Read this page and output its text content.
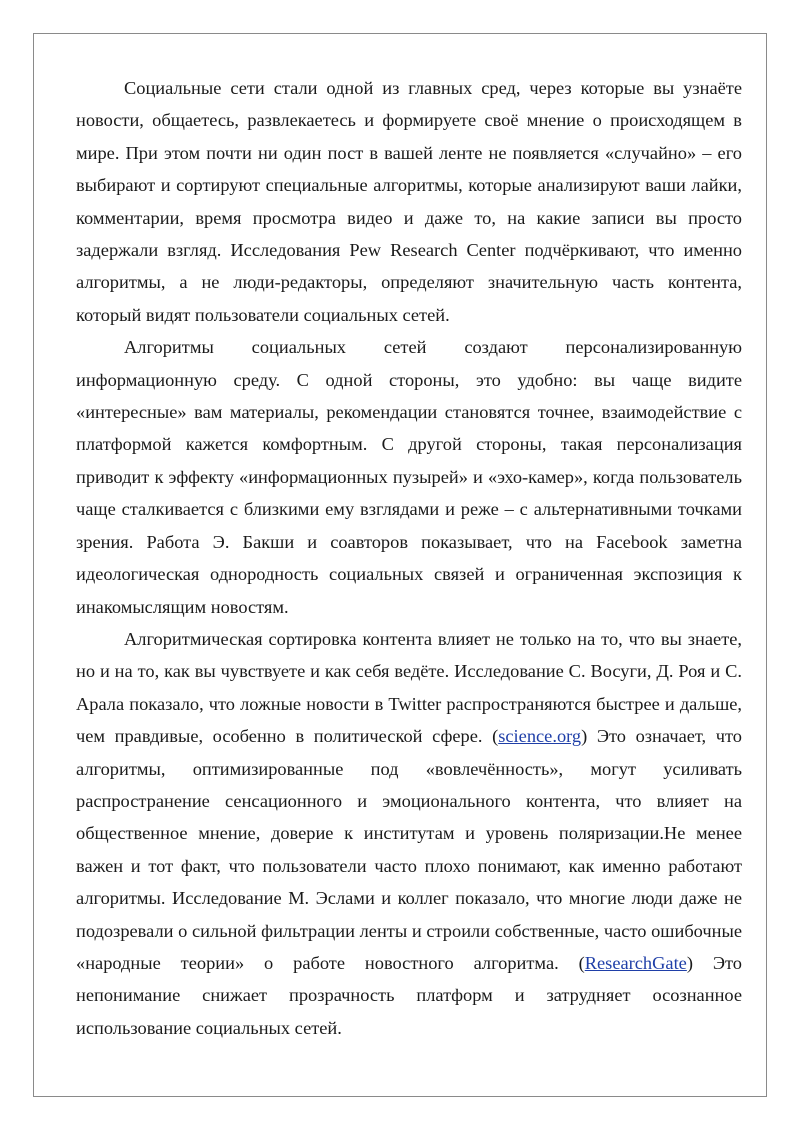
Социальные сети стали одной из главных сред, через которые вы узнаёте новости, общаетесь, развлекаетесь и формируете своё мнение о происходящем в мире. При этом почти ни один пост в вашей ленте не появляется «случайно» – его выбирают и сортируют специальные алгоритмы, которые анализируют ваши лайки, комментарии, время просмотра видео и даже то, на какие записи вы просто задержали взгляд. Исследования Pew Research Center подчёркивают, что именно алгоритмы, а не люди-редакторы, определяют значительную часть контента, который видят пользователи социальных сетей.

Алгоритмы социальных сетей создают персонализированную информационную среду. С одной стороны, это удобно: вы чаще видите «интересные» вам материалы, рекомендации становятся точнее, взаимодействие с платформой кажется комфортным. С другой стороны, такая персонализация приводит к эффекту «информационных пузырей» и «эхо-камер», когда пользователь чаще сталкивается с близкими ему взглядами и реже – с альтернативными точками зрения. Работа Э. Бакши и соавторов показывает, что на Facebook заметна идеологическая однородность социальных связей и ограниченная экспозиция к инакомыслящим новостям.

Алгоритмическая сортировка контента влияет не только на то, что вы знаете, но и на то, как вы чувствуете и как себя ведёте. Исследование С. Восуги, Д. Роя и С. Арала показало, что ложные новости в Twitter распространяются быстрее и дальше, чем правдивые, особенно в политической сфере. (science.org) Это означает, что алгоритмы, оптимизированные под «вовлечённость», могут усиливать распространение сенсационного и эмоционального контента, что влияет на общественное мнение, доверие к институтам и уровень поляризации.Не менее важен и тот факт, что пользователи часто плохо понимают, как именно работают алгоритмы. Исследование М. Эслами и коллег показало, что многие люди даже не подозревали о сильной фильтрации ленты и строили собственные, часто ошибочные «народные теории» о работе новостного алгоритма. (ResearchGate) Это непонимание снижает прозрачность платформ и затрудняет осознанное использование социальных сетей.
